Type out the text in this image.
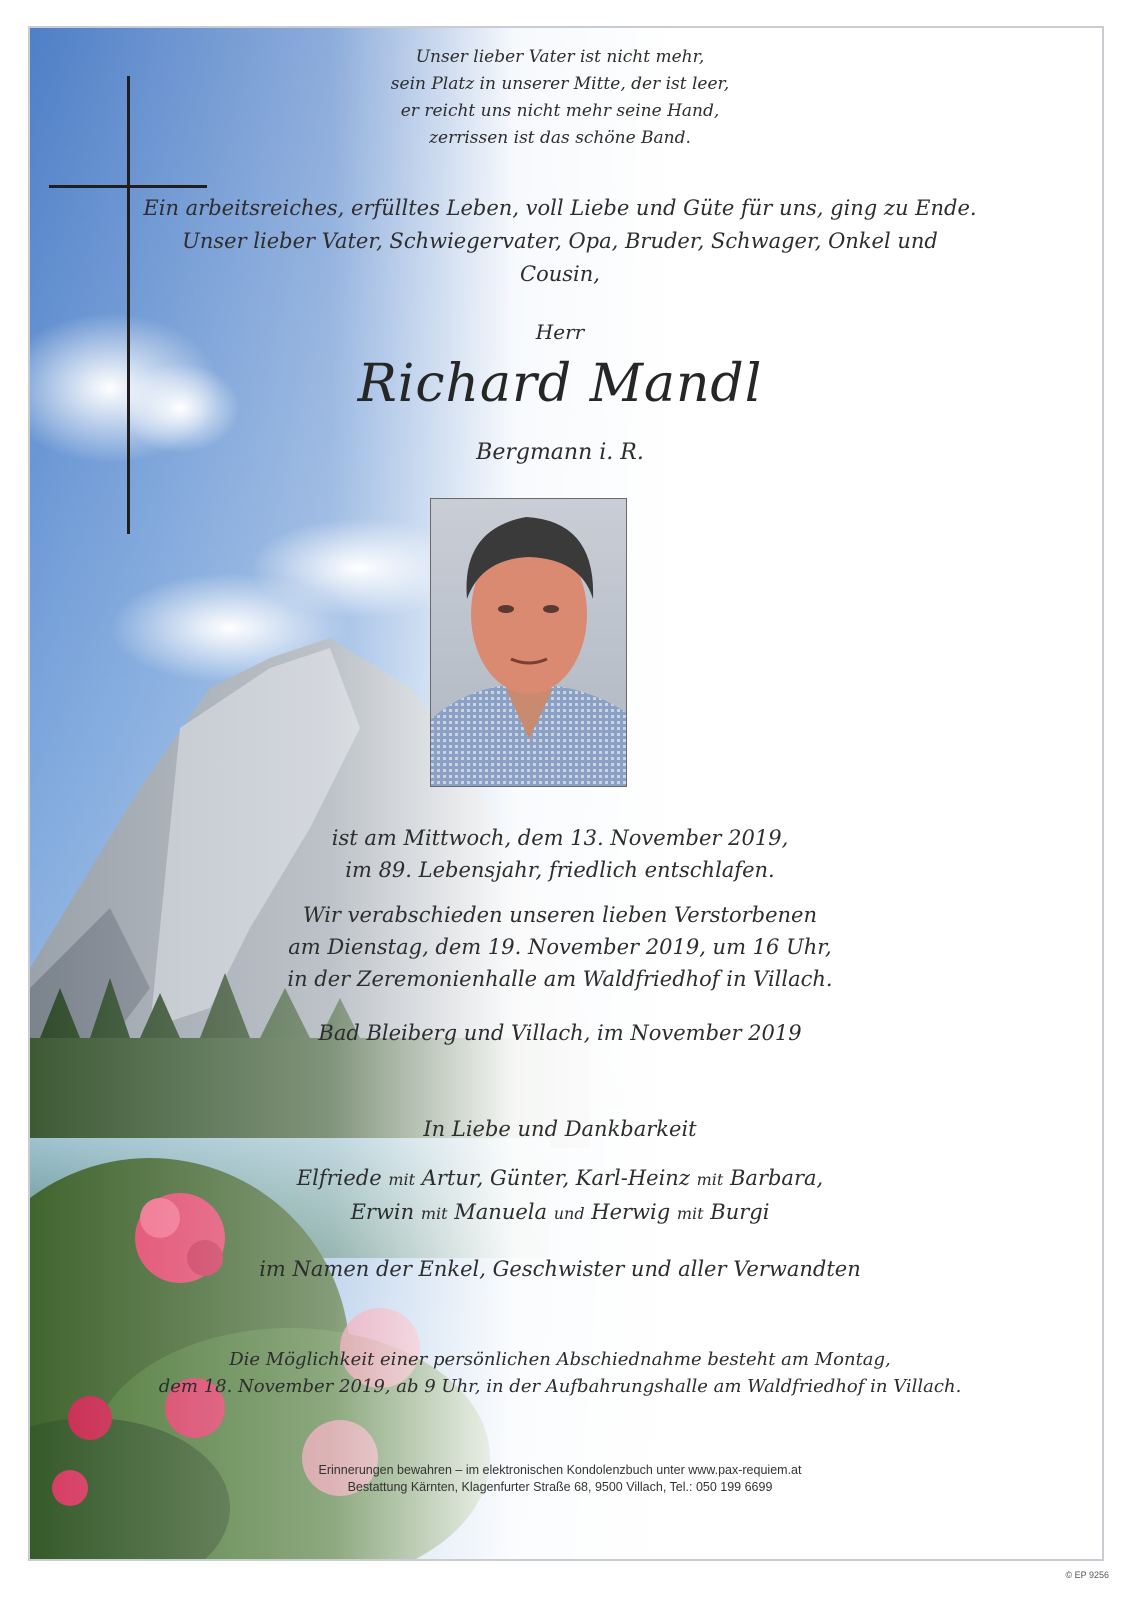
Unser lieber Vater ist nicht mehr,
sein Platz in unserer Mitte, der ist leer,
er reicht uns nicht mehr seine Hand,
zerrissen ist das schöne Band.
Ein arbeitsreiches, erfülltes Leben, voll Liebe und Güte für uns, ging zu Ende.
Unser lieber Vater, Schwiegervater, Opa, Bruder, Schwager, Onkel und Cousin,
Herr
Richard Mandl
Bergmann i. R.
ist am Mittwoch, dem 13. November 2019,
im 89. Lebensjahr, friedlich entschlafen.
Wir verabschieden unseren lieben Verstorbenen
am Dienstag, dem 19. November 2019, um 16 Uhr,
in der Zeremonienhalle am Waldfriedhof in Villach.
Bad Bleiberg und Villach, im November 2019
In Liebe und Dankbarkeit
Elfriede mit Artur, Günter, Karl-Heinz mit Barbara,
Erwin mit Manuela und Herwig mit Burgi
im Namen der Enkel, Geschwister und aller Verwandten
Die Möglichkeit einer persönlichen Abschiednahme besteht am Montag,
dem 18. November 2019, ab 9 Uhr, in der Aufbahrungshalle am Waldfriedhof in Villach.
Erinnerungen bewahren – im elektronischen Kondolenzbuch unter www.pax-requiem.at
Bestattung Kärnten, Klagenfurter Straße 68, 9500 Villach, Tel.: 050 199 6699
© EP 9256
